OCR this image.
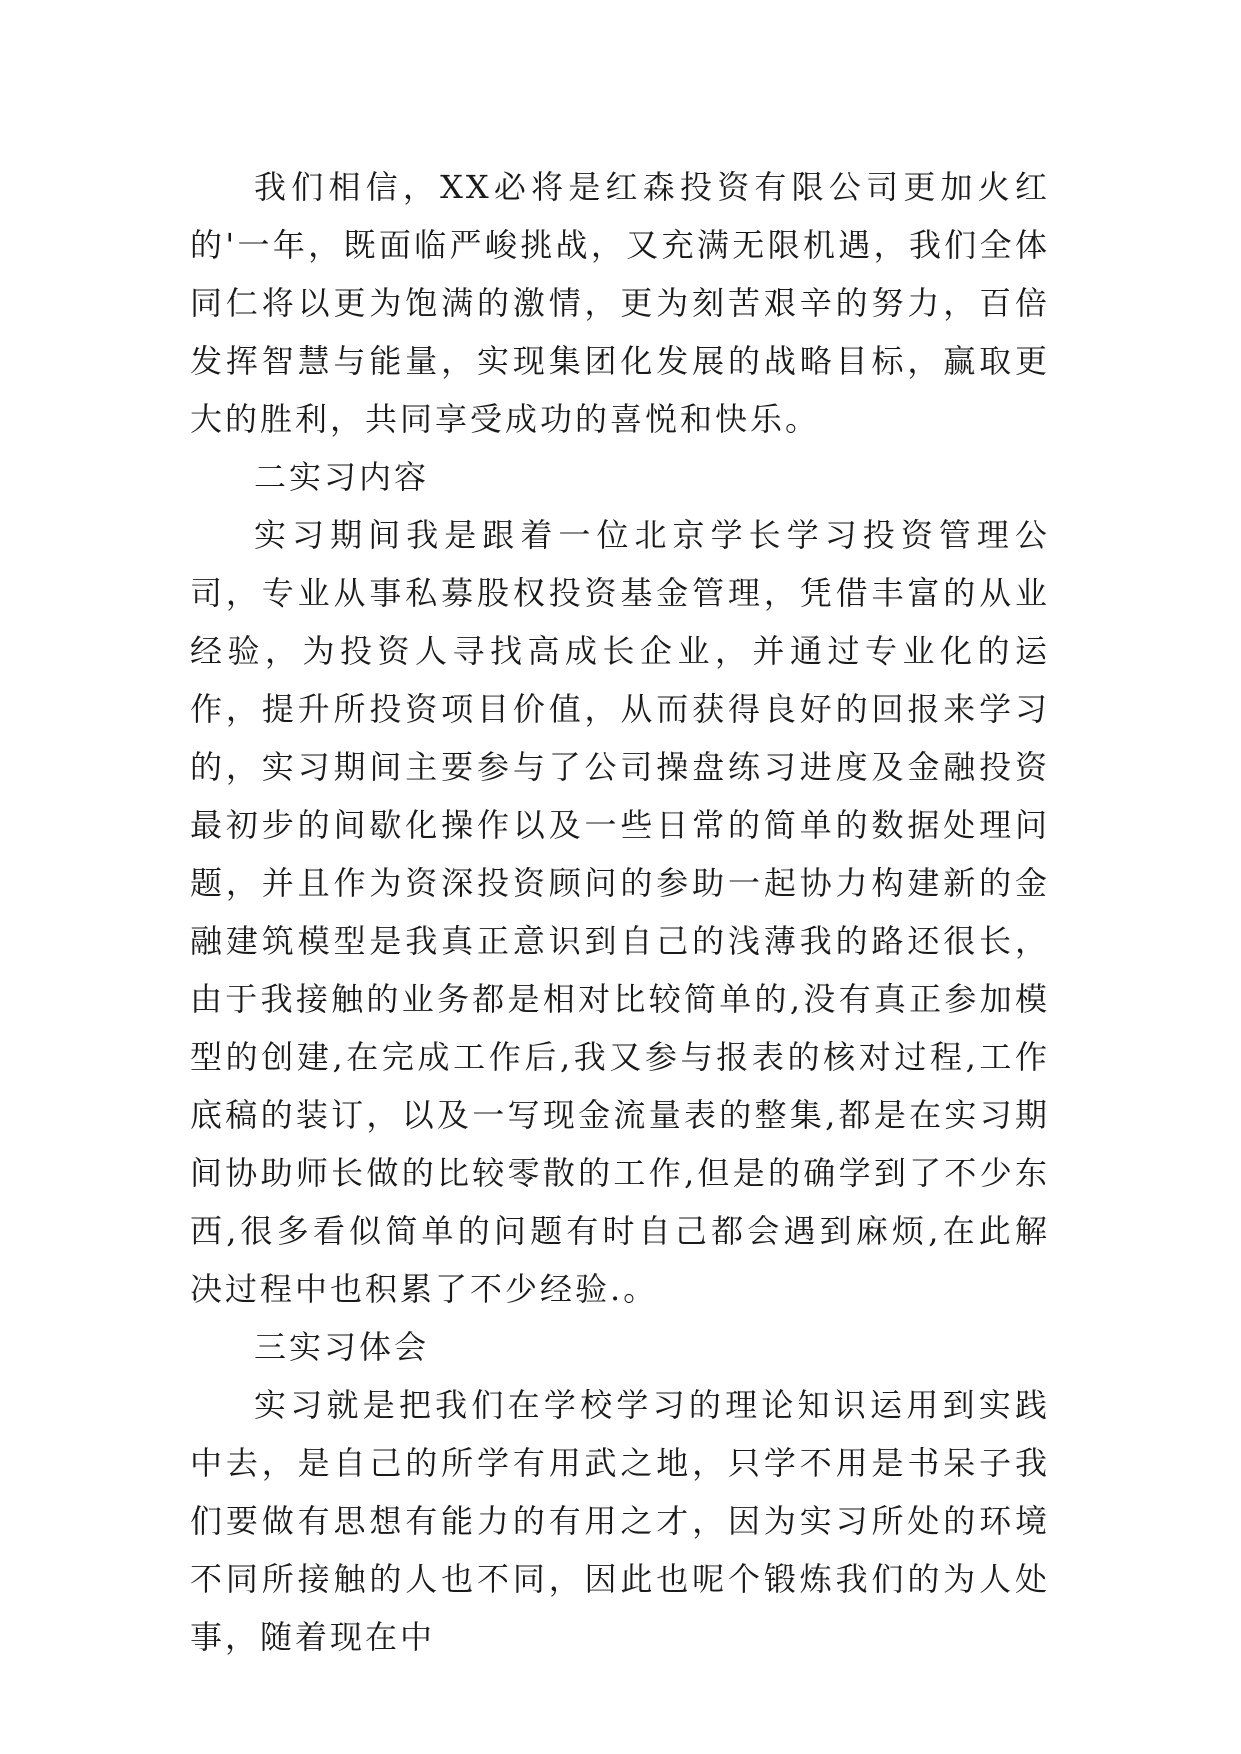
我们相信，XX必将是红森投资有限公司更加火红的'一年，既面临严峻挑战，又充满无限机遇，我们全体同仁将以更为饱满的激情，更为刻苦艰辛的努力，百倍发挥智慧与能量，实现集团化发展的战略目标，赢取更大的胜利，共同享受成功的喜悦和快乐。

二实习内容

实习期间我是跟着一位北京学长学习投资管理公司，专业从事私募股权投资基金管理，凭借丰富的从业经验，为投资人寻找高成长企业，并通过专业化的运作，提升所投资项目价值，从而获得良好的回报来学习的，实习期间主要参与了公司操盘练习进度及金融投资最初步的间歇化操作以及一些日常的简单的数据处理问题，并且作为资深投资顾问的参助一起协力构建新的金融建筑模型是我真正意识到自己的浅薄我的路还很长，由于我接触的业务都是相对比较简单的,没有真正参加模型的创建,在完成工作后,我又参与报表的核对过程,工作底稿的装订，以及一写现金流量表的整集,都是在实习期间协助师长做的比较零散的工作,但是的确学到了不少东西,很多看似简单的问题有时自己都会遇到麻烦,在此解决过程中也积累了不少经验.。

三实习体会

实习就是把我们在学校学习的理论知识运用到实践中去，是自己的所学有用武之地，只学不用是书呆子我们要做有思想有能力的有用之才，因为实习所处的环境不同所接触的人也不同，因此也呢个锻炼我们的为人处事，随着现在中
